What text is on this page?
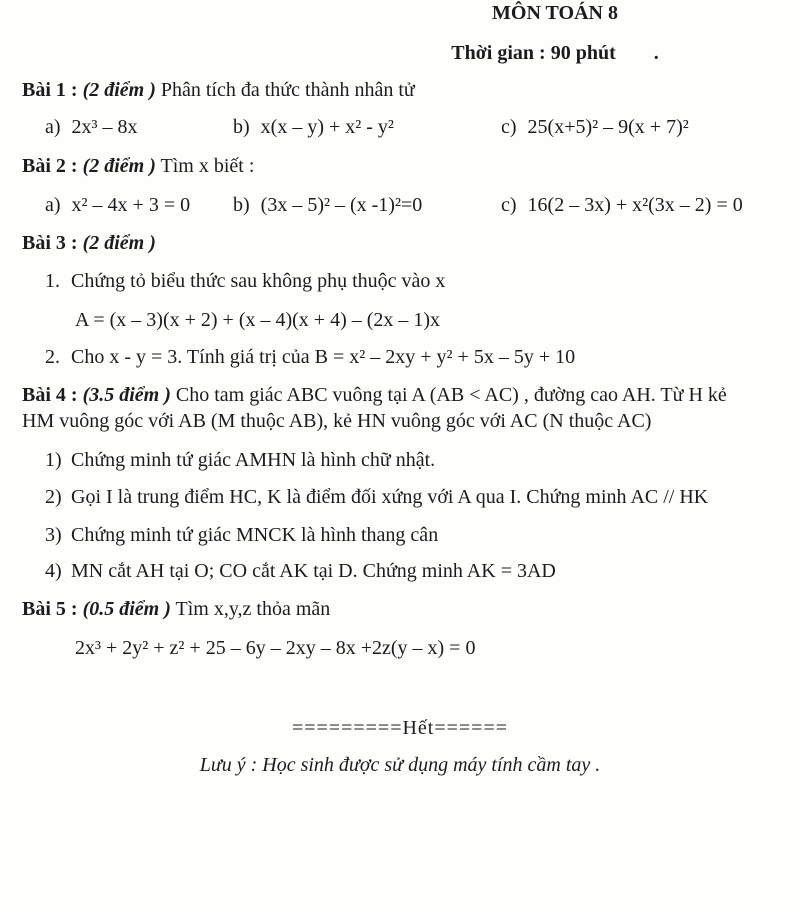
MÔN TOÁN 8

Thời gian : 90 phút .

Bài 1 : (2 điểm ) Phân tích đa thức thành nhân tử

a) 2x³ – 8x	b) x(x – y) + x² - y²	c) 25(x+5)² – 9(x + 7)²

Bài 2 : (2 điểm ) Tìm x biết :

a) x² – 4x + 3 = 0	b) (3x – 5)² – (x -1)²=0	c) 16(2 – 3x) + x²(3x – 2) = 0

Bài 3 : (2 điểm )

1. Chứng tỏ biểu thức sau không phụ thuộc vào x

A = (x – 3)(x + 2) + (x – 4)(x + 4) – (2x – 1)x

2. Cho x - y = 3. Tính giá trị của B = x² – 2xy + y² + 5x – 5y + 10

Bài 4 : (3.5 điểm ) Cho tam giác ABC vuông tại A (AB < AC) , đường cao AH. Từ H kẻ
HM vuông góc với AB (M thuộc AB), kẻ HN vuông góc với AC (N thuộc AC)

1) Chứng minh tứ giác AMHN là hình chữ nhật.

2) Gọi I là trung điểm HC, K là điểm đối xứng với A qua I. Chứng minh AC // HK

3) Chứng minh tứ giác MNCK là hình thang cân

4) MN cắt AH tại O; CO cắt AK tại D. Chứng minh AK = 3AD

Bài 5 : (0.5 điểm ) Tìm x,y,z thỏa mãn

2x³ + 2y² + z² + 25 – 6y – 2xy – 8x +2z(y – x) = 0

=========Hết======

Lưu ý : Học sinh được sử dụng máy tính cầm tay .
